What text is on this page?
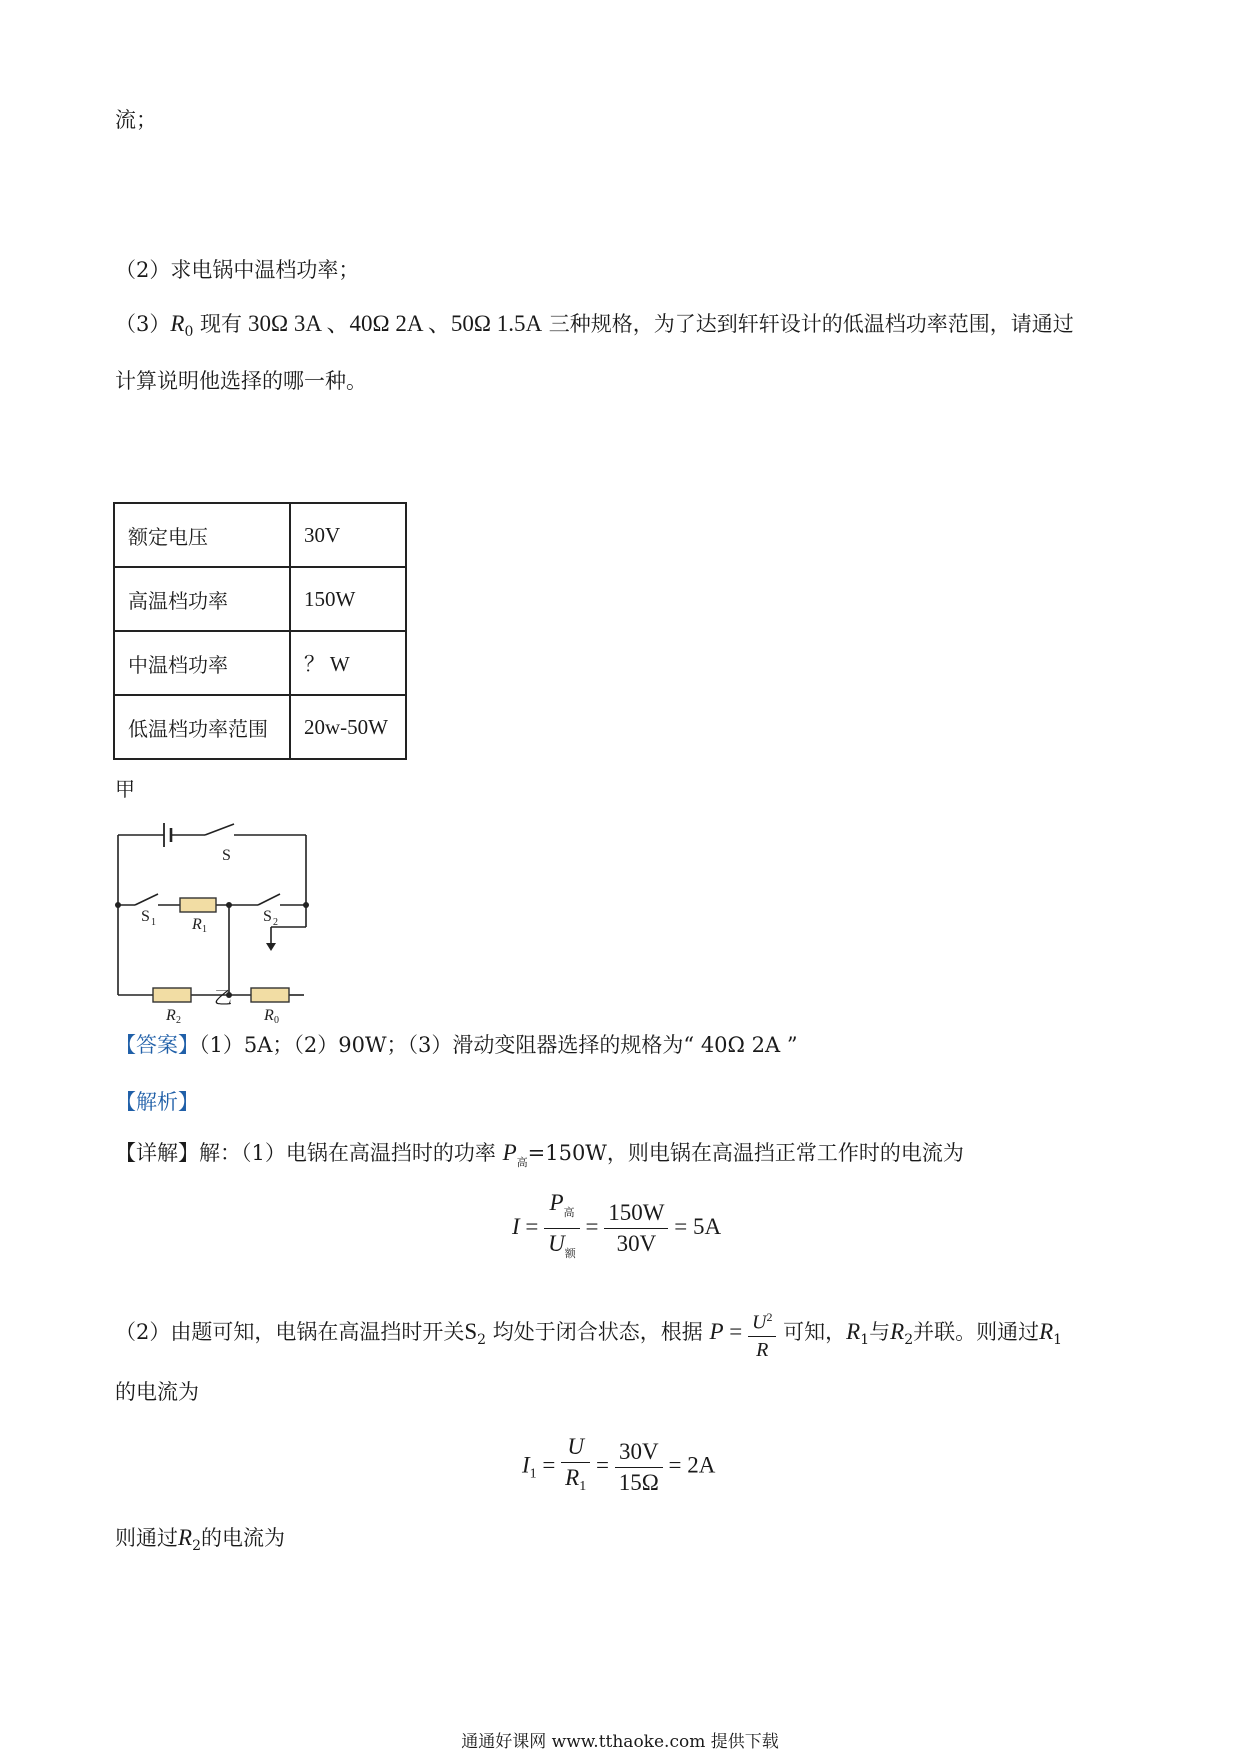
流；
（2）求电锅中温档功率；
$(3)R_0$ 现有 30Ω 3A 、40Ω 2A 、50Ω 1.5A 三种规格，为了达到轩轩设计的低温档功率范围，请通过
计算说明他选择的哪一种。
额定电压	30V
高温档功率	150W
中温档功率	？ W
低温档功率范围	20w-50W
甲
S
S 1 R 1
S 2
R 2	R 0
乙
【答案】（1）5A；（2）90W；（3）滑动变阻器选择的规格为“ 40Ω 2A ”
【解析】
【详解】解：（1）电锅在高温挡时的功率 $P_高=150W$，则电锅在高温挡正常工作时的电流为
$I = \frac{P_高}{U_额} = \frac{150W}{30V} = 5A$
（2）由题可知，电锅在高温挡时开关$S_2$ 均处于闭合状态，根据 $P = \frac{U^2}{R}$ 可知，$R_1$与$R_2$并联。则通过$R_1$
的电流为
$I_1 = \frac{U}{R_1} = \frac{30V}{15\Omega} = 2A$
则通过$R_2$的电流为
通通好课网 www.tthaoke.com 提供下载
